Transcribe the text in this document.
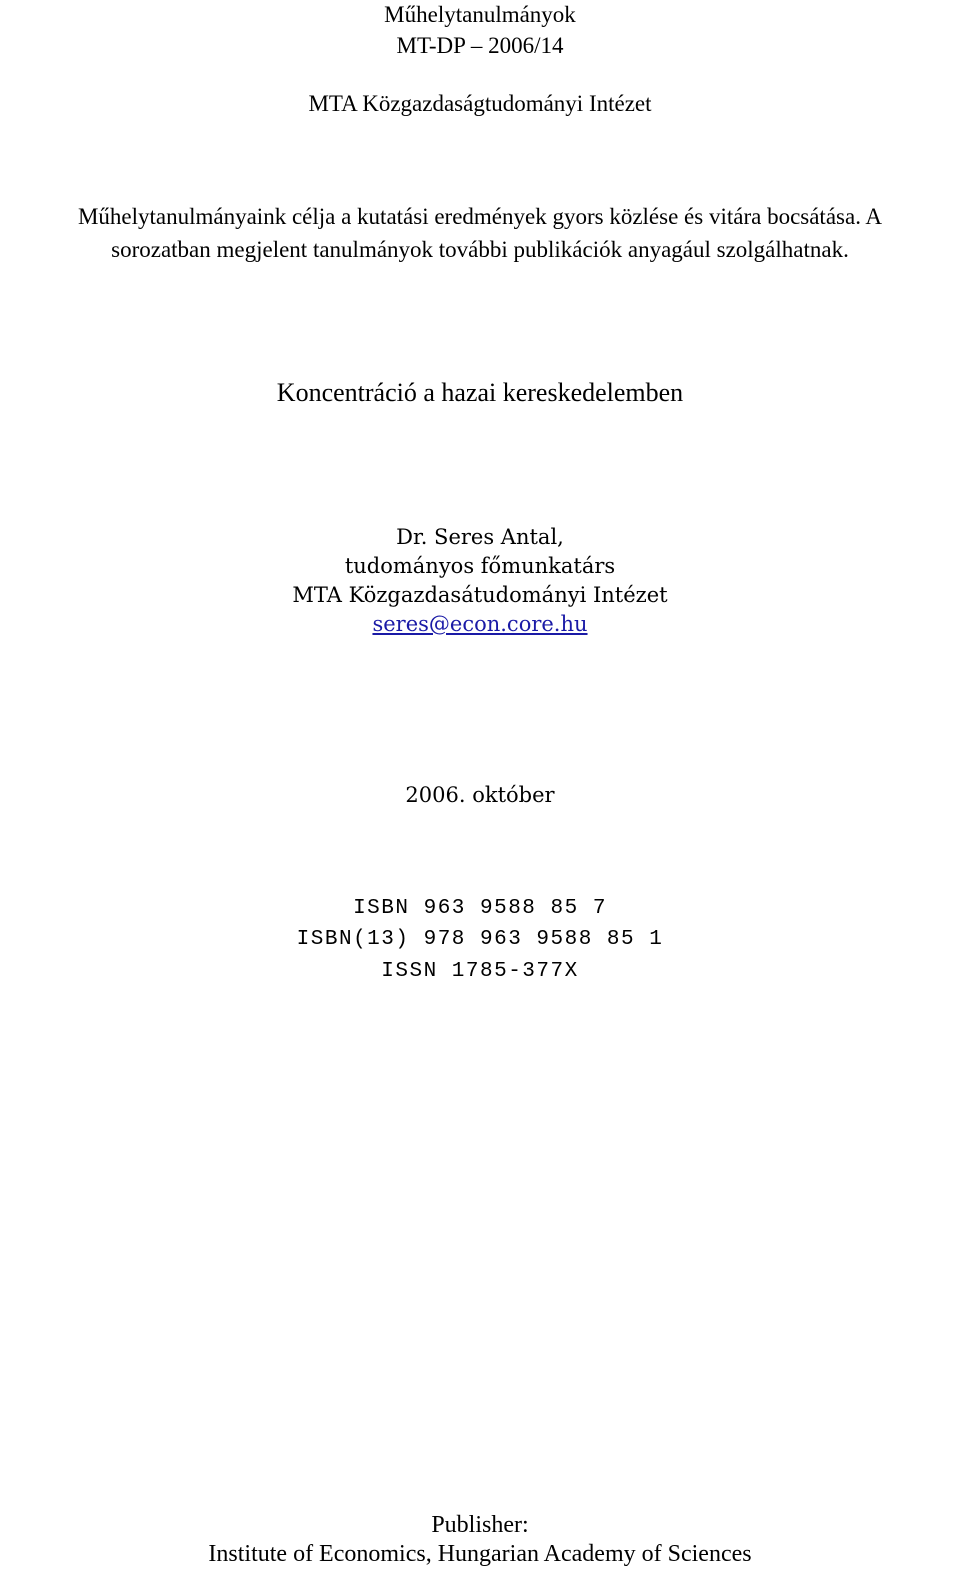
Műhelytanulmányok
MT-DP – 2006/14
MTA Közgazdaságtudományi Intézet
Műhelytanulmányaink célja a kutatási eredmények gyors közlése és vitára bocsátása. A
sorozatban megjelent tanulmányok további publikációk anyagául szolgálhatnak.
Koncentráció a hazai kereskedelemben
Dr. Seres Antal,
tudományos főmunkatárs
MTA Közgazdasátudományi Intézet
seres@econ.core.hu
2006. október
ISBN 963 9588 85 7
ISBN(13) 978 963 9588 85 1
ISSN 1785-377X
Publisher:
Institute of Economics, Hungarian Academy of Sciences
